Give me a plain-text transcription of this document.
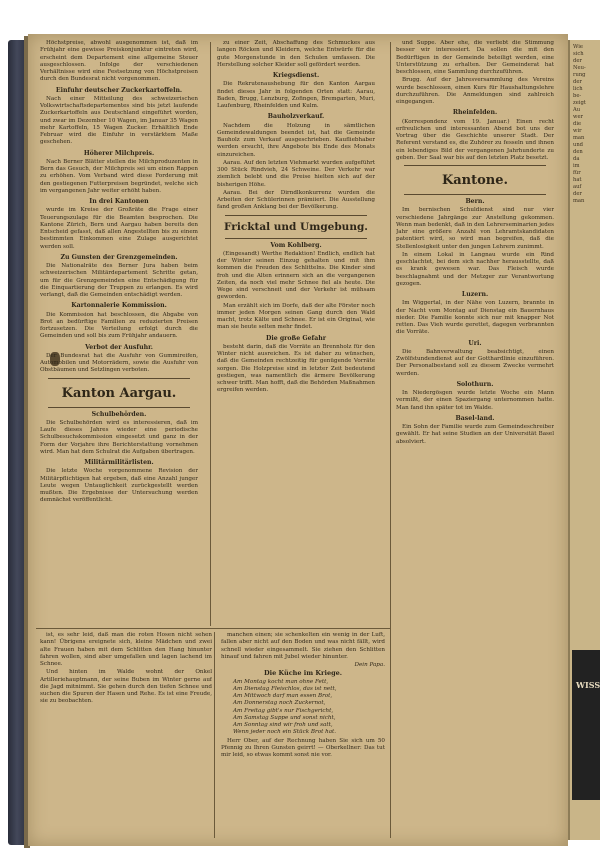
Höchstpreise, abwohl ausgenommen ist, daß im Frühjahr eine gewisse Preiskonjunktur eintreten wird, erscheint dem Departement eine allgemeine Steuer ausgeschlossen. Infolge der verschiedenen Verhältnisse wird eine Festsetzung von Höchstpreisen durch den Bundesrat nicht vorgenommen.

Einfuhr deutscher Zuckerkartoffeln.

Nach einer Mitteilung des schweizerischen Volkswirtschaftsdepartementes sind bis jetzt laufende Zuckerkartoffeln aus Deutschland eingeführt worden, und zwar im Dezember 10 Wagen, im Januar 35 Wagen mehr Kartoffeln, 15 Wagen Zucker. Erhältlich Ende Februar wird die Einfuhr in verstärktem Maße geschehen.

Höherer Milchpreis.

Nach Berner Blätter stellen die Milchproduzenten in Bern das Gesuch, der Milchpreis sei um einen Rappen zu erhöhen. Vom Verband wird diese Forderung mit den gestiegenen Futterpreisen begründet, welche sich im vergangenen Jahr weiter erhöht haben.

In drei Kantonen

wurde im Kreise der Großräte die Frage einer Teuerungszulage für die Beamten besprochen. Die Kantone Zürich, Bern und Aargau haben bereits den Entscheid gefasst, daß allen Angestellten bis zu einem bestimmten Einkommen eine Zulage ausgerichtet werden soll.

Zu Gunsten der Grenzgemeinden.

Die Nationalräte des Berner Jura haben beim schweizerischen Militärdepartement Schritte getan, um für die Grenzgemeinden eine Entschädigung für die Einquartierung der Truppen zu erlangen. Es wird verlangt, daß die Gemeinden entschädigt werden.

Kartonnalerie Kommission.

Die Kommission hat beschlossen, die Abgabe von Brot an bedürftige Familien zu reduzierten Preisen fortzusetzen. Die Verteilung erfolgt durch die Gemeinden und soll bis zum Frühjahr andauern.

Verbot der Ausfuhr.

Der Bundesrat hat die Ausfuhr von Gummireifen, Automobilen und Motorrädern, sowie die Ausfuhr von Obstbäumen und Setzlingen verboten.

Kanton Aargau.

Schulbehörden.

Die Schulbehörden wird es interessieren, daß im Laufe dieses Jahres wieder eine periodische Schulbesuchskommission eingesetzt und ganz in der Form der Vorjahre ihre Berichterstattung vornehmen wird. Man hat dem Schulrat die Aufgaben übertragen.

Militärmilitärlisten.

Die letzte Woche vorgenommene Revision der Militärpflichtigen hat ergeben, daß eine Anzahl junger Leute wegen Untauglichkeit zurückgestellt werden mußten. Die Ergebnisse der Untersuchung werden demnächst veröffentlicht.

zu einer Zeit, Abschaffung des Schmuckes aus langen Röcken und Kleidern, welche Entwürfe für die gute Morgenstunde in den Schulen umfassen. Die Herstellung solcher Kleider soll gefördert werden.

Kriegsdienst.

Die Rekrutenaushebung für den Kanton Aargau findet dieses Jahr in folgenden Orten statt: Aarau, Baden, Brugg, Lenzburg, Zofingen, Bremgarten, Muri, Laufenburg, Rheinfelden und Kulm.

Bauholzverkauf.

Nachdem die Holzung in sämtlichen Gemeindewaldungen beendet ist, hat die Gemeinde Bauholz zum Verkauf ausgeschrieben. Kaufliebhaber werden ersucht, ihre Angebote bis Ende des Monats einzureichen.

Aarau. Auf den letzten Viehmarkt wurden aufgeführt 300 Stück Rindvieh, 24 Schweine. Der Verkehr war ziemlich belebt und die Preise hielten sich auf der bisherigen Höhe.

Aarau. Bei der Dirndlkonkurrenz wurden die Arbeiten der Schülerinnen prämiiert. Die Ausstellung fand großen Anklang bei der Bevölkerung.

Fricktal und Umgebung.

Vom Kohlberg.

(Eingesandt) Werthe Redaktion! Endlich, endlich hat der Winter seinen Einzug gehalten und mit ihm kommen die Freuden des Schlittelns. Die Kinder sind froh und die Alten erinnern sich an die vergangenen Zeiten, da noch viel mehr Schnee fiel als heute. Die Wege sind verschneit und der Verkehr ist mühsam geworden.

Man erzählt sich im Dorfe, daß der alte Förster noch immer jeden Morgen seinen Gang durch den Wald macht, trotz Kälte und Schnee. Er ist ein Original, wie man sie heute selten mehr findet.

Die große Gefahr

besteht darin, daß die Vorräte an Brennholz für den Winter nicht ausreichen. Es ist daher zu wünschen, daß die Gemeinden rechtzeitig für genügende Vorräte sorgen. Die Holzpreise sind in letzter Zeit bedeutend gestiegen, was namentlich die ärmere Bevölkerung schwer trifft. Man hofft, daß die Behörden Maßnahmen ergreifen werden.

und Suppe. Aber ehe, die verliebt die Stimmung besser wir interessiert. Da sollen die mit den Bedürftigen in der Gemeinde beteiligt werden, eine Unterstützung zu erhalten. Der Gemeinderat hat beschlossen, eine Sammlung durchzuführen.

Brugg. Auf der Jahresversammlung des Vereins wurde beschlossen, einen Kurs für Haushaltungslehre durchzuführen. Die Anmeldungen sind zahlreich eingegangen.

Rheinfelden.

(Korrespondenz vom 19. Januar.) Einen recht erfreulichen und interessanten Abend bot uns der Vortrag über die Geschichte unserer Stadt. Der Referent verstand es, die Zuhörer zu fesseln und ihnen ein lebendiges Bild der vergangenen Jahrhunderte zu geben. Der Saal war bis auf den letzten Platz besetzt.

Kantone.

Bern.

Im bernischen Schuldienst sind nur vier verschiedene Jahrgänge zur Anstellung gekommen. Wenn man bedenkt, daß in den Lehrerseminarien jedes Jahr eine größere Anzahl von Lehramtskandidaten patentiert wird, so wird man begreifen, daß die Stellenlosigkeit unter den jungen Lehrern zunimmt.

In einem Lokal in Langnau wurde ein Rind geschlachtet, bei dem sich nachher herausstellte, daß es krank gewesen war. Das Fleisch wurde beschlagnahmt und der Metzger zur Verantwortung gezogen.

Luzern.

Im Wiggertal, in der Nähe von Luzern, brannte in der Nacht vom Montag auf Dienstag ein Bauernhaus nieder. Die Familie konnte sich nur mit knapper Not retten. Das Vieh wurde gerettet, dagegen verbrannten die Vorräte.

Uri.

Die Bahnverwaltung beabsichtigt, einen Zwölfstundendienst auf der Gotthardlinie einzuführen. Der Personalbestand soll zu diesem Zwecke vermehrt werden.

Solothurn.

In Niedergösgen wurde letzte Woche ein Mann vermißt, der einen Spaziergang unternommen hatte. Man fand ihn später tot im Walde.

Basel-land.

Ein Sohn der Familie wurde zum Gemeindeschreiber gewählt. Er hat seine Studien an der Universität Basel absolviert.

ist, es sehr leid, daß man die roten Hosen nicht sehen kann! Übrigens ereignete sich, kleine Mädchen und zwei alte Frauen haben mit dem Schlitten den Hang hinunter fahren wollen, sind aber umgefallen und lagen lachend im Schnee.

Und hinten im Walde wohnt der Onkel Artilleriehauptmann, der seine Buben im Winter gerne auf die Jagd mitnimmt. Sie gehen durch den tiefen Schnee und suchen die Spuren der Hasen und Rehe. Es ist eine Freude, sie zu beobachten.

manchen einen; sie schenkelten ein wenig in der Luft, fallen aber nicht auf den Boden und was nicht fällt, wird schnell wieder eingesammelt. Sie ziehen den Schlitten hinauf und fahren mit Jubel wieder hinunter.

Dein Papa.

Die Küche im Kriege.

Am Montag kocht man ohne Fett,
Am Dienstag Fleischlos, das ist nett,
Am Mittwoch darf man essen Brot,
Am Donnerstag noch Zuckernot,
Am Freitag gibt's nur Fischgericht,
Am Samstag Suppe und sonst nicht,
Am Sonntag sind wir froh und satt,
Wenn jeder noch ein Stück Brot hat.

Herr Ober, auf der Rechnung haben Sie sich um 50 Pfennig zu Ihren Gunsten geirrt! — Oberkellner: Das tut mir leid, so etwas kommt sonst nie vor.

Wie
sich
der
Neu-
rung
der
lich
be-
zeigt
Au
wer
die
wir
man
und
den
da
im
für
hat
auf
der
man
WISS
